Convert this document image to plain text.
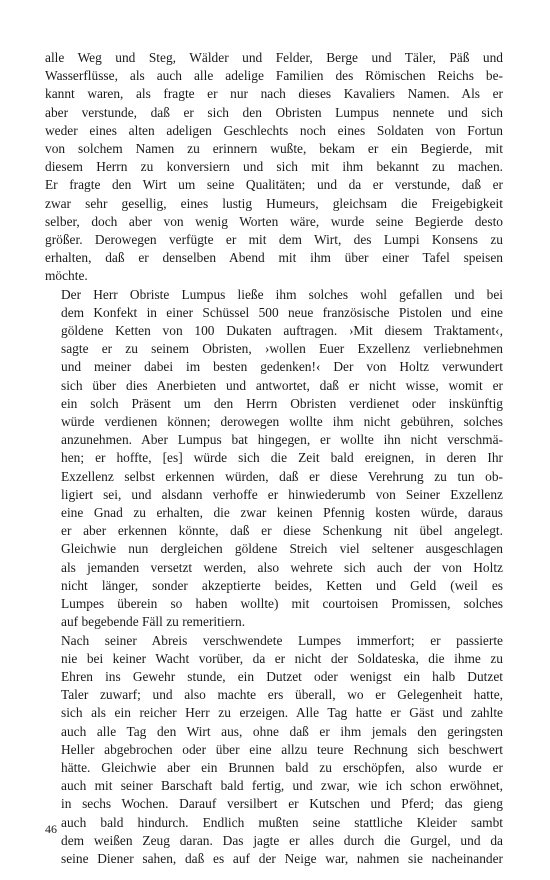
alle Weg und Steg, Wälder und Felder, Berge und Täler, Päß und
Wasserflüsse, als auch alle adelige Familien des Römischen Reichs be-
kannt waren, als fragte er nur nach dieses Kavaliers Namen. Als er
aber verstunde, daß er sich den Obristen Lumpus nennete und sich
weder eines alten adeligen Geschlechts noch eines Soldaten von Fortun
von solchem Namen zu erinnern wußte, bekam er ein Begierde, mit
diesem Herrn zu konversiern und sich mit ihm bekannt zu machen.
Er fragte den Wirt um seine Qualitäten; und da er verstunde, daß er
zwar sehr gesellig, eines lustig Humeurs, gleichsam die Freigebigkeit
selber, doch aber von wenig Worten wäre, wurde seine Begierde desto
größer. Derowegen verfügte er mit dem Wirt, des Lumpi Konsens zu
erhalten, daß er denselben Abend mit ihm über einer Tafel speisen
möchte.
Der Herr Obriste Lumpus ließe ihm solches wohl gefallen und bei
dem Konfekt in einer Schüssel 500 neue französische Pistolen und eine
göldene Ketten von 100 Dukaten auftragen. ›Mit diesem Traktament‹,
sagte er zu seinem Obristen, ›wollen Euer Exzellenz verliebnehmen
und meiner dabei im besten gedenken!‹ Der von Holtz verwundert
sich über dies Anerbieten und antwortet, daß er nicht wisse, womit er
ein solch Präsent um den Herrn Obristen verdienet oder inskünftig
würde verdienen können; derowegen wollte ihm nicht gebühren, solches
anzunehmen. Aber Lumpus bat hingegen, er wollte ihn nicht verschmä-
hen; er hoffte, [es] würde sich die Zeit bald ereignen, in deren Ihr
Exzellenz selbst erkennen würden, daß er diese Verehrung zu tun ob-
ligiert sei, und alsdann verhoffe er hinwiederumb von Seiner Exzellenz
eine Gnad zu erhalten, die zwar keinen Pfennig kosten würde, daraus
er aber erkennen könnte, daß er diese Schenkung nit übel angelegt.
Gleichwie nun dergleichen göldene Streich viel seltener ausgeschlagen
als jemanden versetzt werden, also wehrete sich auch der von Holtz
nicht länger, sonder akzeptierte beides, Ketten und Geld (weil es
Lumpes überein so haben wollte) mit courtoisen Promissen, solches
auf begebende Fäll zu remeritiern.
Nach seiner Abreis verschwendete Lumpes immerfort; er passierte
nie bei keiner Wacht vorüber, da er nicht der Soldateska, die ihme zu
Ehren ins Gewehr stunde, ein Dutzet oder wenigst ein halb Dutzet
Taler zuwarf; und also machte ers überall, wo er Gelegenheit hatte,
sich als ein reicher Herr zu erzeigen. Alle Tag hatte er Gäst und zahlte
auch alle Tag den Wirt aus, ohne daß er ihm jemals den geringsten
Heller abgebrochen oder über eine allzu teure Rechnung sich beschwert
hätte. Gleichwie aber ein Brunnen bald zu erschöpfen, also wurde er
auch mit seiner Barschaft bald fertig, und zwar, wie ich schon erwöhnet,
in sechs Wochen. Darauf versilbert er Kutschen und Pferd; das gieng
auch bald hindurch. Endlich mußten seine stattliche Kleider sambt
dem weißen Zeug daran. Das jagte er alles durch die Gurgel, und da
seine Diener sahen, daß es auf der Neige war, nahmen sie nacheinander
46
